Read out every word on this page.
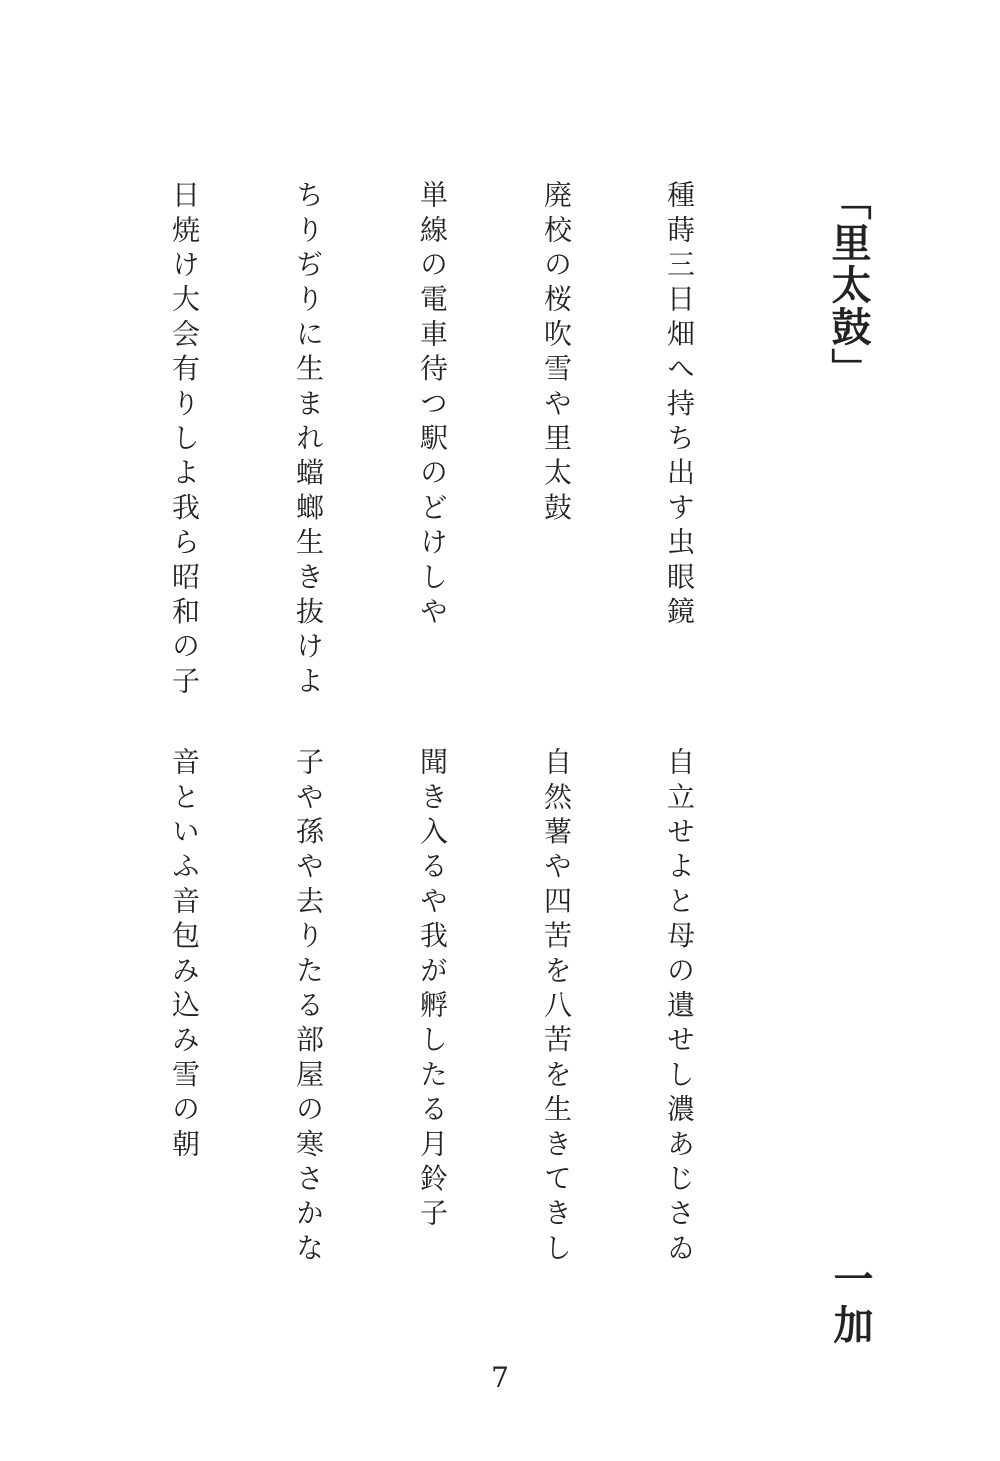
「里太鼓」
種蒔三日畑へ持ち出す虫眼鏡
廃校の桜吹雪や里太鼓
単線の電車待つ駅のどけしや
ちりぢりに生まれ蟷螂生き抜けよ
日焼け大会有りしよ我ら昭和の子
自立せよと母の遺せし濃あじさゐ
自然薯や四苦を八苦を生きてきし
聞き入るや我が孵したる月鈴子
子や孫や去りたる部屋の寒さかな
音といふ音包み込み雪の朝
一加
7
